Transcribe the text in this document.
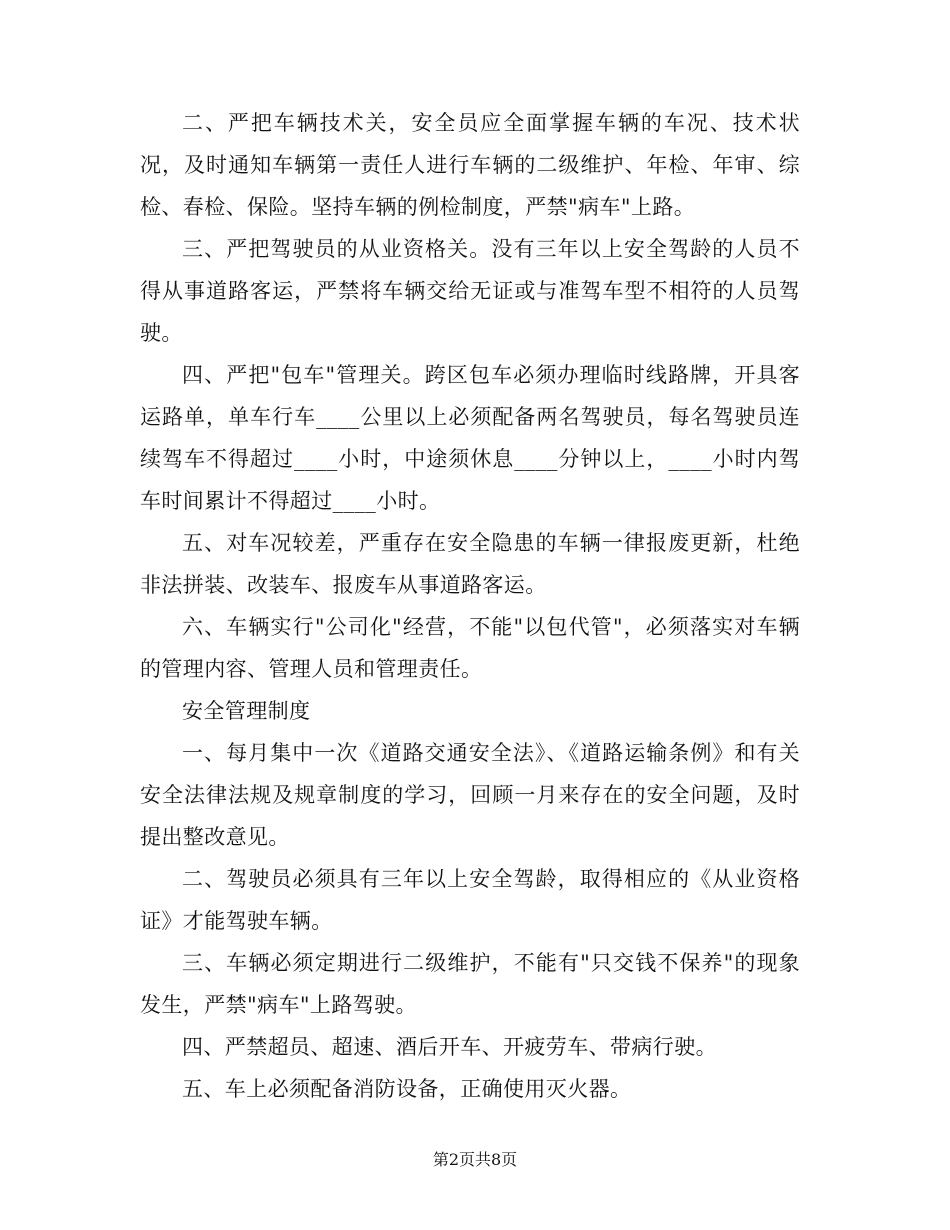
二、严把车辆技术关，安全员应全面掌握车辆的车况、技术状况，及时通知车辆第一责任人进行车辆的二级维护、年检、年审、综检、春检、保险。坚持车辆的例检制度，严禁"病车"上路。

三、严把驾驶员的从业资格关。没有三年以上安全驾龄的人员不得从事道路客运，严禁将车辆交给无证或与准驾车型不相符的人员驾驶。

四、严把"包车"管理关。跨区包车必须办理临时线路牌，开具客运路单，单车行车____公里以上必须配备两名驾驶员，每名驾驶员连续驾车不得超过____小时，中途须休息____分钟以上，____小时内驾车时间累计不得超过____小时。

五、对车况较差，严重存在安全隐患的车辆一律报废更新，杜绝非法拼装、改装车、报废车从事道路客运。

六、车辆实行"公司化"经营，不能"以包代管"，必须落实对车辆的管理内容、管理人员和管理责任。

安全管理制度

一、每月集中一次《道路交通安全法》、《道路运输条例》和有关安全法律法规及规章制度的学习，回顾一月来存在的安全问题，及时提出整改意见。

二、驾驶员必须具有三年以上安全驾龄，取得相应的《从业资格证》才能驾驶车辆。

三、车辆必须定期进行二级维护，不能有"只交钱不保养"的现象发生，严禁"病车"上路驾驶。

四、严禁超员、超速、酒后开车、开疲劳车、带病行驶。

五、车上必须配备消防设备，正确使用灭火器。

第2页共8页
